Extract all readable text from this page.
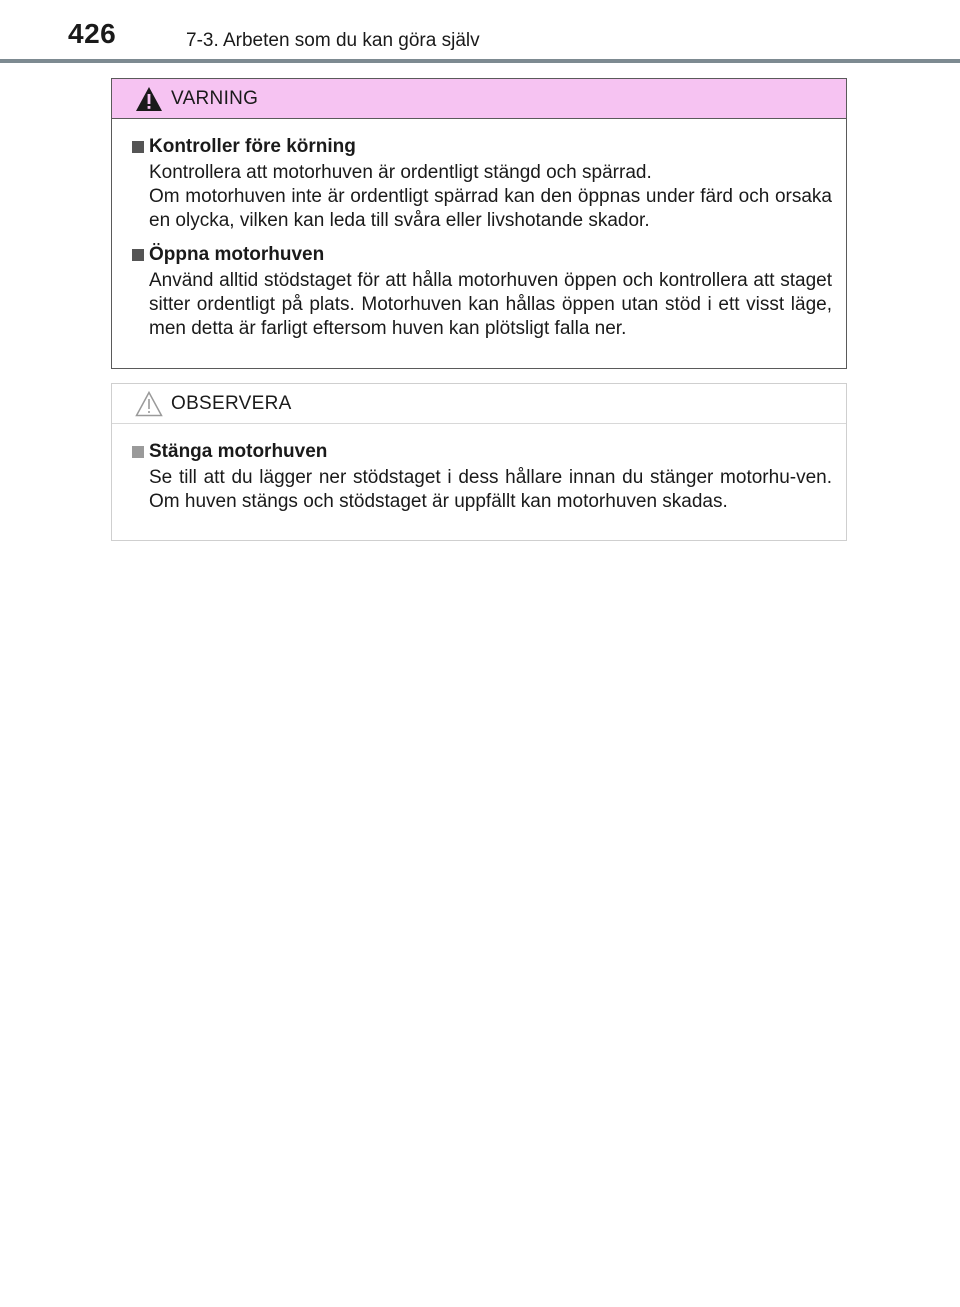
426	7-3. Arbeten som du kan göra själv
VARNING
Kontroller före körning

Kontrollera att motorhuven är ordentligt stängd och spärrad.

Om motorhuven inte är ordentligt spärrad kan den öppnas under färd och orsaka en olycka, vilken kan leda till svåra eller livshotande skador.

Öppna motorhuven

Använd alltid stödstaget för att hålla motorhuven öppen och kontrollera att staget sitter ordentligt på plats. Motorhuven kan hållas öppen utan stöd i ett visst läge, men detta är farligt eftersom huven kan plötsligt falla ner.

OBSERVERA
Stänga motorhuven

Se till att du lägger ner stödstaget i dess hållare innan du stänger motorhu-ven. Om huven stängs och stödstaget är uppfällt kan motorhuven skadas.
